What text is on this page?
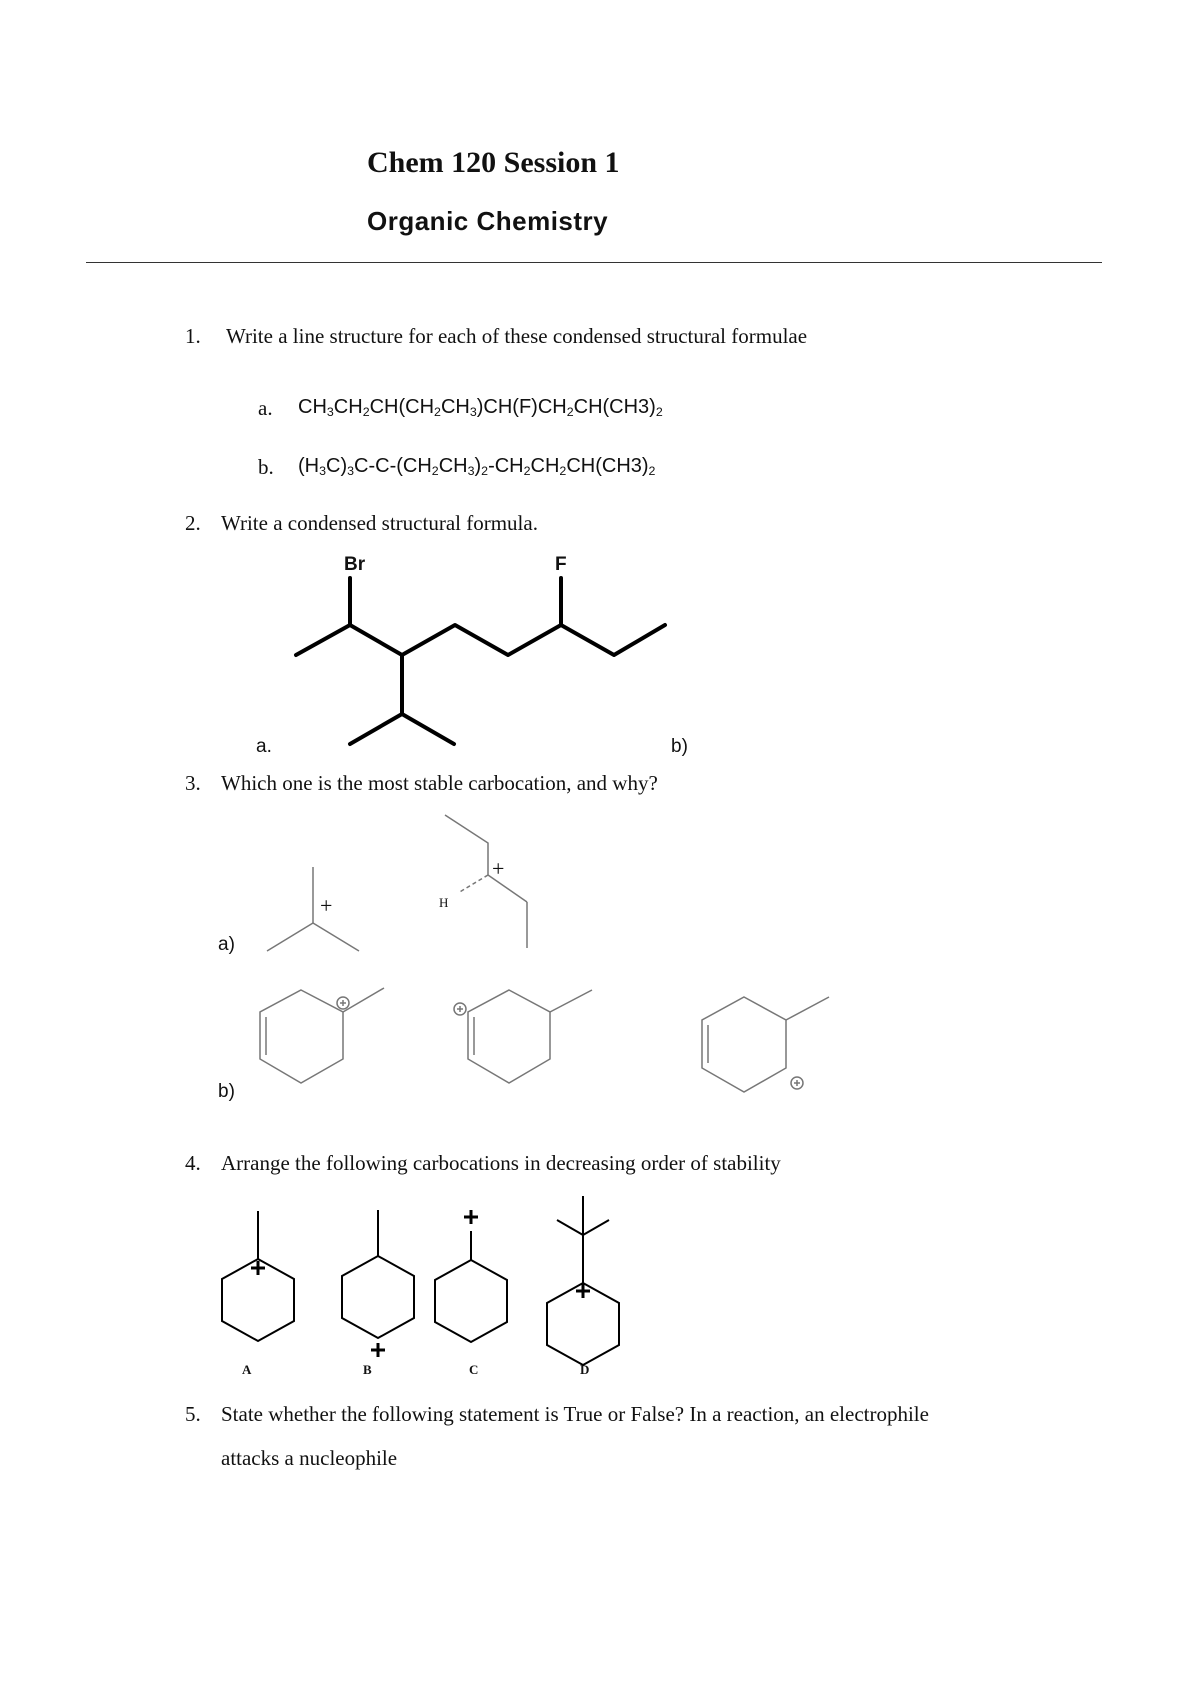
Chem 120 Session 1
Organic Chemistry
1. Write a line structure for each of these condensed structural formulae
a. $CH_3CH_2CH(CH_2CH_3)CH(F)CH_2CH(CH3)_2$
b. $(H_3C)_3C-C-(CH_2CH_3)_2-CH_2CH_2CH(CH3)_2$
2. Write a condensed structural formula.
Br	F
a.	b)
3. Which one is the most stable carbocation, and why?
a)
b)
+
+
H
4. Arrange the following carbocations in decreasing order of stability
A	B	C	D
5. State whether the following statement is True or False? In a reaction, an electrophile
attacks a nucleophile
